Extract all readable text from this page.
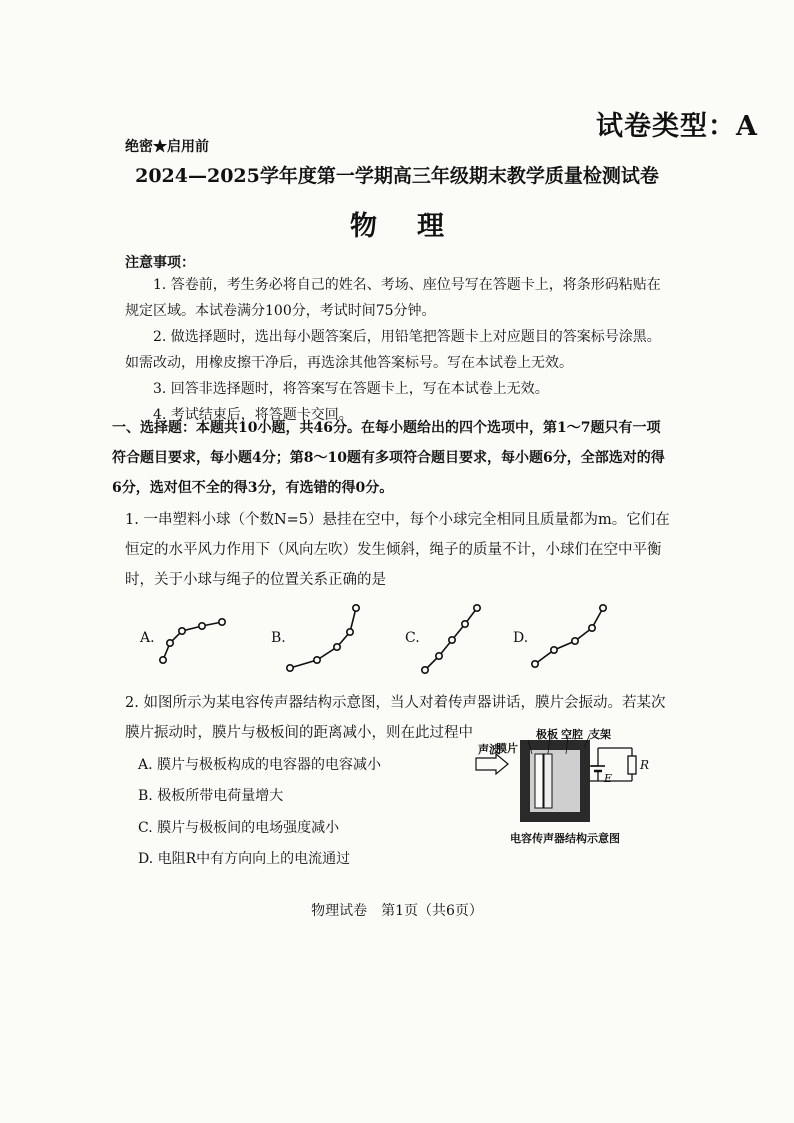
试卷类型：A
绝密★启用前
2024—2025学年度第一学期高三年级期末教学质量检测试卷
物理
注意事项：
1. 答卷前，考生务必将自己的姓名、考场、座位号写在答题卡上，将条形码粘贴在规定区域。本试卷满分100分，考试时间75分钟。
2. 做选择题时，选出每小题答案后，用铅笔把答题卡上对应题目的答案标号涂黑。如需改动，用橡皮擦干净后，再选涂其他答案标号。写在本试卷上无效。
3. 回答非选择题时，将答案写在答题卡上，写在本试卷上无效。
4. 考试结束后，将答题卡交回。
一、选择题：本题共10小题，共46分。在每小题给出的四个选项中，第1～7题只有一项符合题目要求，每小题4分；第8～10题有多项符合题目要求，每小题6分，全部选对的得6分，选对但不全的得3分，有选错的得0分。
1. 一串塑料小球（个数N=5）悬挂在空中，每个小球完全相同且质量都为m。它们在恒定的水平风力作用下（风向左吹）发生倾斜，绳子的质量不计，小球们在空中平衡时，关于小球与绳子的位置关系正确的是
A.	B.	C.	D.
2. 如图所示为某电容传声器结构示意图，当人对着传声器讲话，膜片会振动。若某次膜片振动时，膜片与极板间的距离减小，则在此过程中
A. 膜片与极板构成的电容器的电容减小
B. 极板所带电荷量增大
C. 膜片与极板间的电场强度减小
D. 电阻R中有方向向上的电流通过
膜片
极板 空腔 支架
声波
E
R
电容传声器结构示意图
物理试卷　第1页（共6页）
